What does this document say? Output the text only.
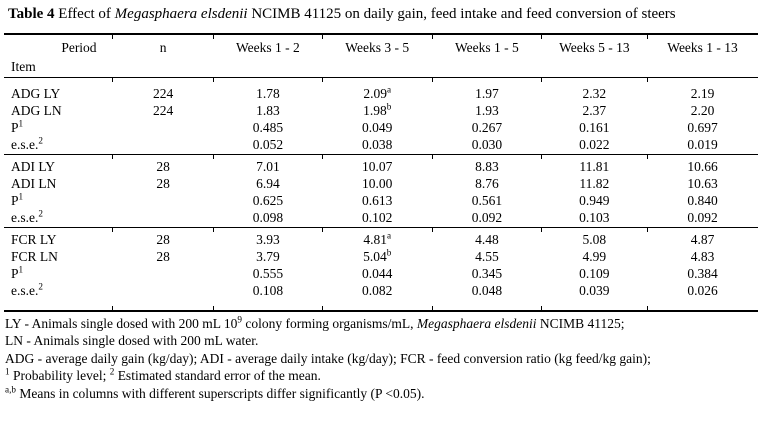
Table 4 Effect of Megasphaera elsdenii NCIMB 41125 on daily gain, feed intake and feed conversion of steers

Period	n	Weeks 1 - 2	Weeks 3 - 5	Weeks 1 - 5	Weeks 5 - 13	Weeks 1 - 13
Item						

ADG LY	224	1.78	2.09$^a$	1.97	2.32	2.19
ADG LN	224	1.83	1.98$^b$	1.93	2.37	2.20
$P^1$		0.485	0.049	0.267	0.161	0.697
e.s.e.$^2$		0.052	0.038	0.030	0.022	0.019

ADI LY	28	7.01	10.07	8.83	11.81	10.66
ADI LN	28	6.94	10.00	8.76	11.82	10.63
$P^1$		0.625	0.613	0.561	0.949	0.840
e.s.e.$^2$		0.098	0.102	0.092	0.103	0.092

FCR LY	28	3.93	4.81$^a$	4.48	5.08	4.87
FCR LN	28	3.79	5.04$^b$	4.55	4.99	4.83
$P^1$		0.555	0.044	0.345	0.109	0.384
e.s.e.$^2$		0.108	0.082	0.048	0.039	0.026

LY - Animals single dosed with 200 mL $10^9$ colony forming organisms/mL, Megasphaera elsdenii NCIMB 41125;

LN - Animals single dosed with 200 mL water.

ADG - average daily gain (kg/day); ADI - average daily intake (kg/day); FCR - feed conversion ratio (kg feed/kg gain);

$^1$ Probability level; $^2$ Estimated standard error of the mean.

$^{a,b}$ Means in columns with different superscripts differ significantly (P <0.05).
